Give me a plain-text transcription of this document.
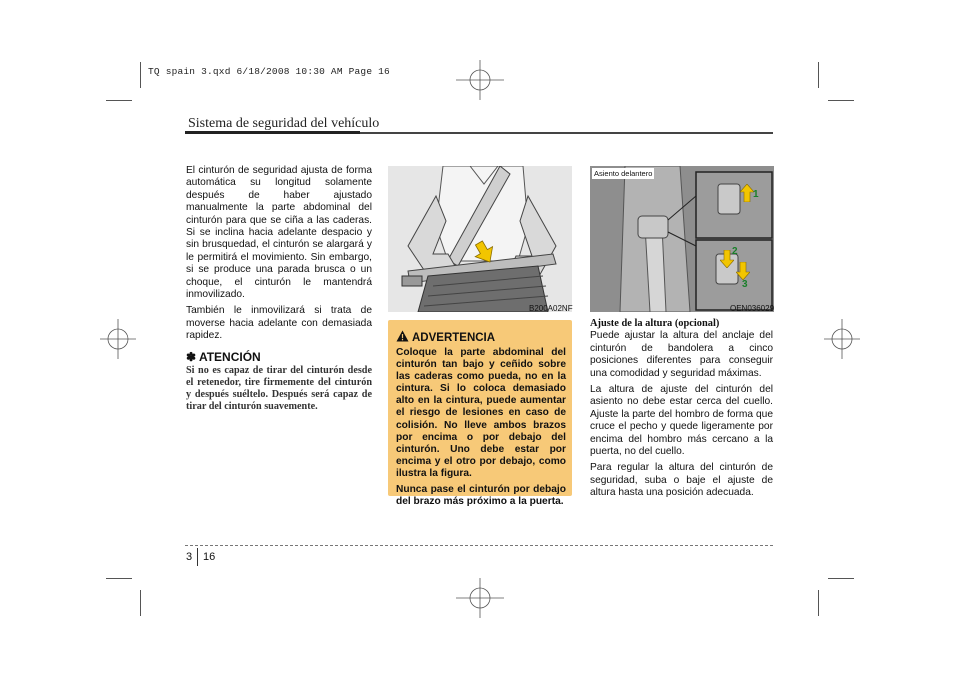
TQ spain 3.qxd 6/18/2008 10:30 AM Page 16
Sistema de seguridad del vehículo

El cinturón de seguridad ajusta de forma automática su longitud solamente después de haber ajustado manualmente la parte abdominal del cinturón para que se ciña a las caderas. Si se inclina hacia adelante despacio y sin brusquedad, el cinturón se alargará y le permitirá el movimiento. Sin embargo, si se produce una parada brusca o un choque, el cinturón le mantendrá inmovilizado.

También le inmovilizará si trata de moverse hacia adelante con demasiada rapidez.

✽ ATENCIÓN
Si no es capaz de tirar del cinturón desde el retenedor, tire firmemente del cinturón y después suéltelo. Después será capaz de tirar del cinturón suavemente.
B200A02NF
ADVERTENCIA

Coloque la parte abdominal del cinturón tan bajo y ceñido sobre las caderas como pueda, no en la cintura. Si lo coloca demasiado alto en la cintura, puede aumentar el riesgo de lesiones en caso de colisión. No lleve ambos brazos por encima o por debajo del cinturón. Uno debe estar por encima y el otro por debajo, como ilustra la figura.

Nunca pase el cinturón por debajo del brazo más próximo a la puerta.

Asiento delantero
1
2
3
OEN036029
Ajuste de la altura (opcional)

Puede ajustar la altura del anclaje del cinturón de bandolera a cinco posiciones diferentes para conseguir una comodidad y seguridad máximas.

La altura de ajuste del cinturón del asiento no debe estar cerca del cuello. Ajuste la parte del hombro de forma que cruce el pecho y quede ligeramente por encima del hombro más cercano a la puerta, no del cuello.

Para regular la altura del cinturón de seguridad, suba o baje el ajuste de altura hasta una posición adecuada.

3 16
